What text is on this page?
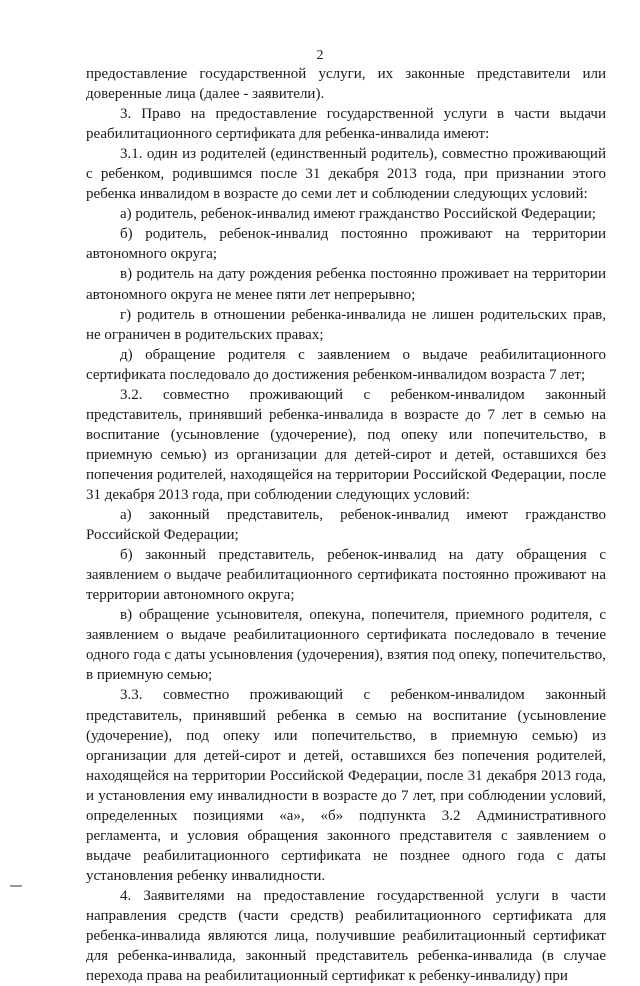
2

предоставление государственной услуги, их законные представители или доверенные лица (далее - заявители).

3. Право на предоставление государственной услуги в части выдачи реабилитационного сертификата для ребенка-инвалида имеют:

3.1. один из родителей (единственный родитель), совместно проживающий с ребенком, родившимся после 31 декабря 2013 года, при признании этого ребенка инвалидом в возрасте до семи лет и соблюдении следующих условий:

а) родитель, ребенок-инвалид имеют гражданство Российской Федерации;

б) родитель, ребенок-инвалид постоянно проживают на территории автономного округа;

в) родитель на дату рождения ребенка постоянно проживает на территории автономного округа не менее пяти лет непрерывно;

г) родитель в отношении ребенка-инвалида не лишен родительских прав, не ограничен в родительских правах;

д) обращение родителя с заявлением о выдаче реабилитационного сертификата последовало до достижения ребенком-инвалидом возраста 7 лет;

3.2. совместно проживающий с ребенком-инвалидом законный представитель, принявший ребенка-инвалида в возрасте до 7 лет в семью на воспитание (усыновление (удочерение), под опеку или попечительство, в приемную семью) из организации для детей-сирот и детей, оставшихся без попечения родителей, находящейся на территории Российской Федерации, после 31 декабря 2013 года, при соблюдении следующих условий:

а) законный представитель, ребенок-инвалид имеют гражданство Российской Федерации;

б) законный представитель, ребенок-инвалид на дату обращения с заявлением о выдаче реабилитационного сертификата постоянно проживают на территории автономного округа;

в) обращение усыновителя, опекуна, попечителя, приемного родителя, с заявлением о выдаче реабилитационного сертификата последовало в течение одного года с даты усыновления (удочерения), взятия под опеку, попечительство, в приемную семью;

3.3. совместно проживающий с ребенком-инвалидом законный представитель, принявший ребенка в семью на воспитание (усыновление (удочерение), под опеку или попечительство, в приемную семью) из организации для детей-сирот и детей, оставшихся без попечения родителей, находящейся на территории Российской Федерации, после 31 декабря 2013 года, и установления ему инвалидности в возрасте до 7 лет, при соблюдении условий, определенных позициями «а», «б» подпункта 3.2 Административного регламента, и условия обращения законного представителя с заявлением о выдаче реабилитационного сертификата не позднее одного года с даты установления ребенку инвалидности.

4. Заявителями на предоставление государственной услуги в части направления средств (части средств) реабилитационного сертификата для ребенка-инвалида являются лица, получившие реабилитационный сертификат для ребенка-инвалида, законный представитель ребенка-инвалида (в случае перехода права на реабилитационный сертификат к ребенку-инвалиду) при
